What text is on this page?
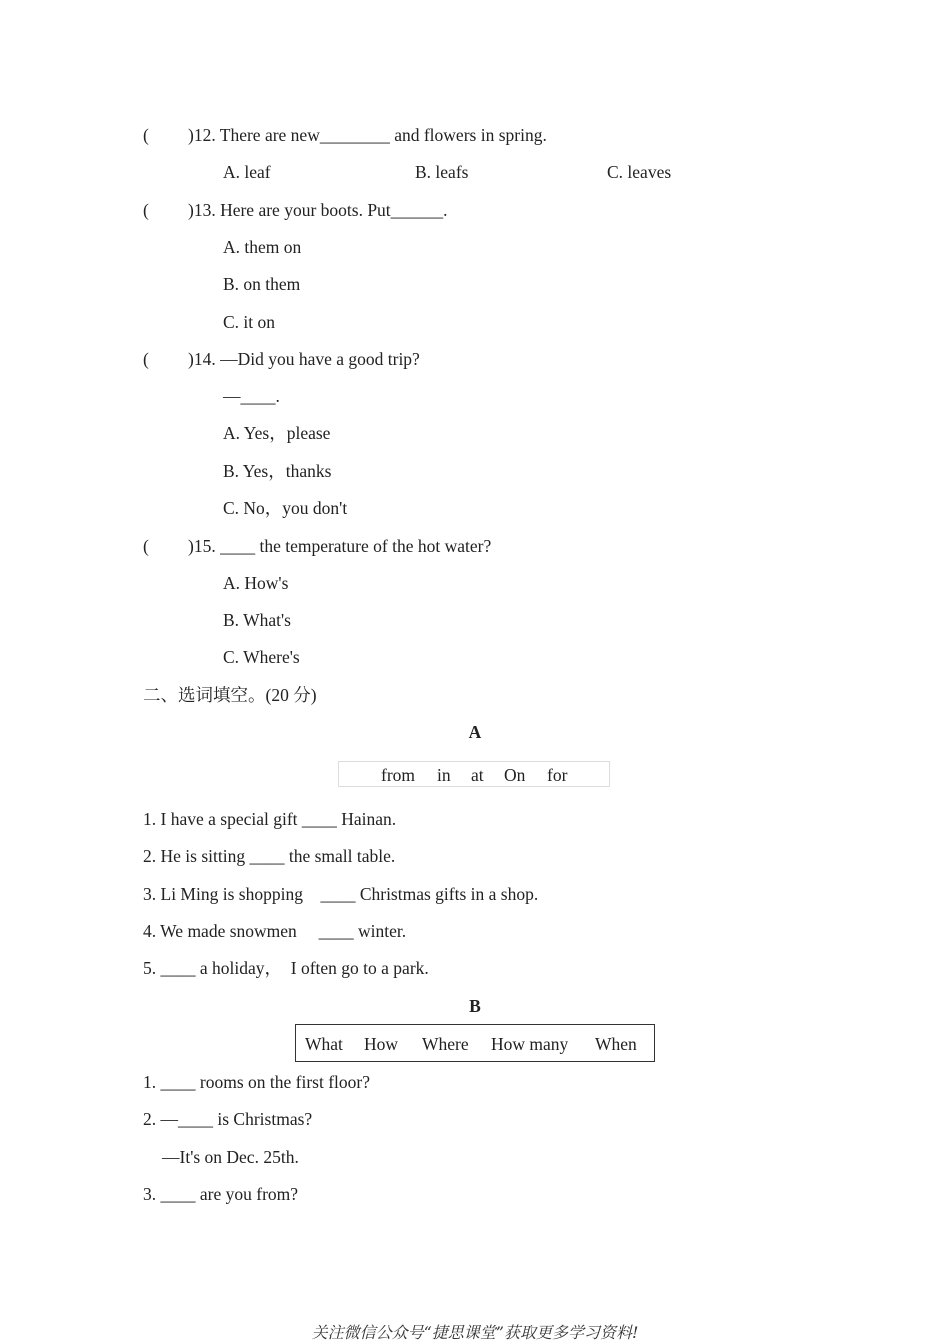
( )12. There are new________ and flowers in spring.
A. leaf	B. leafs	C. leaves
( )13. Here are your boots. Put______.
A. them on
B. on them
C. it on
( )14. —Did you have a good trip?
—____.
A. Yes，please
B. Yes，thanks
C. No，you don't
( )15. ____ the temperature of the hot water?
A. How's
B. What's
C. Where's
二、选词填空。(20 分)
A
from in at On for
1. I have a special gift ____ Hainan.
2. He is sitting ____ the small table.
3. Li Ming is shopping    ____ Christmas gifts in a shop.
4. We made snowmen     ____ winter.
5. ____ a holiday，  I often go to a park.
B
What How Where How many When
1. ____ rooms on the first floor?
2. —____ is Christmas?
—It's on Dec. 25th.
3. ____ are you from?
关注微信公众号“捷思课堂”获取更多学习资料!
